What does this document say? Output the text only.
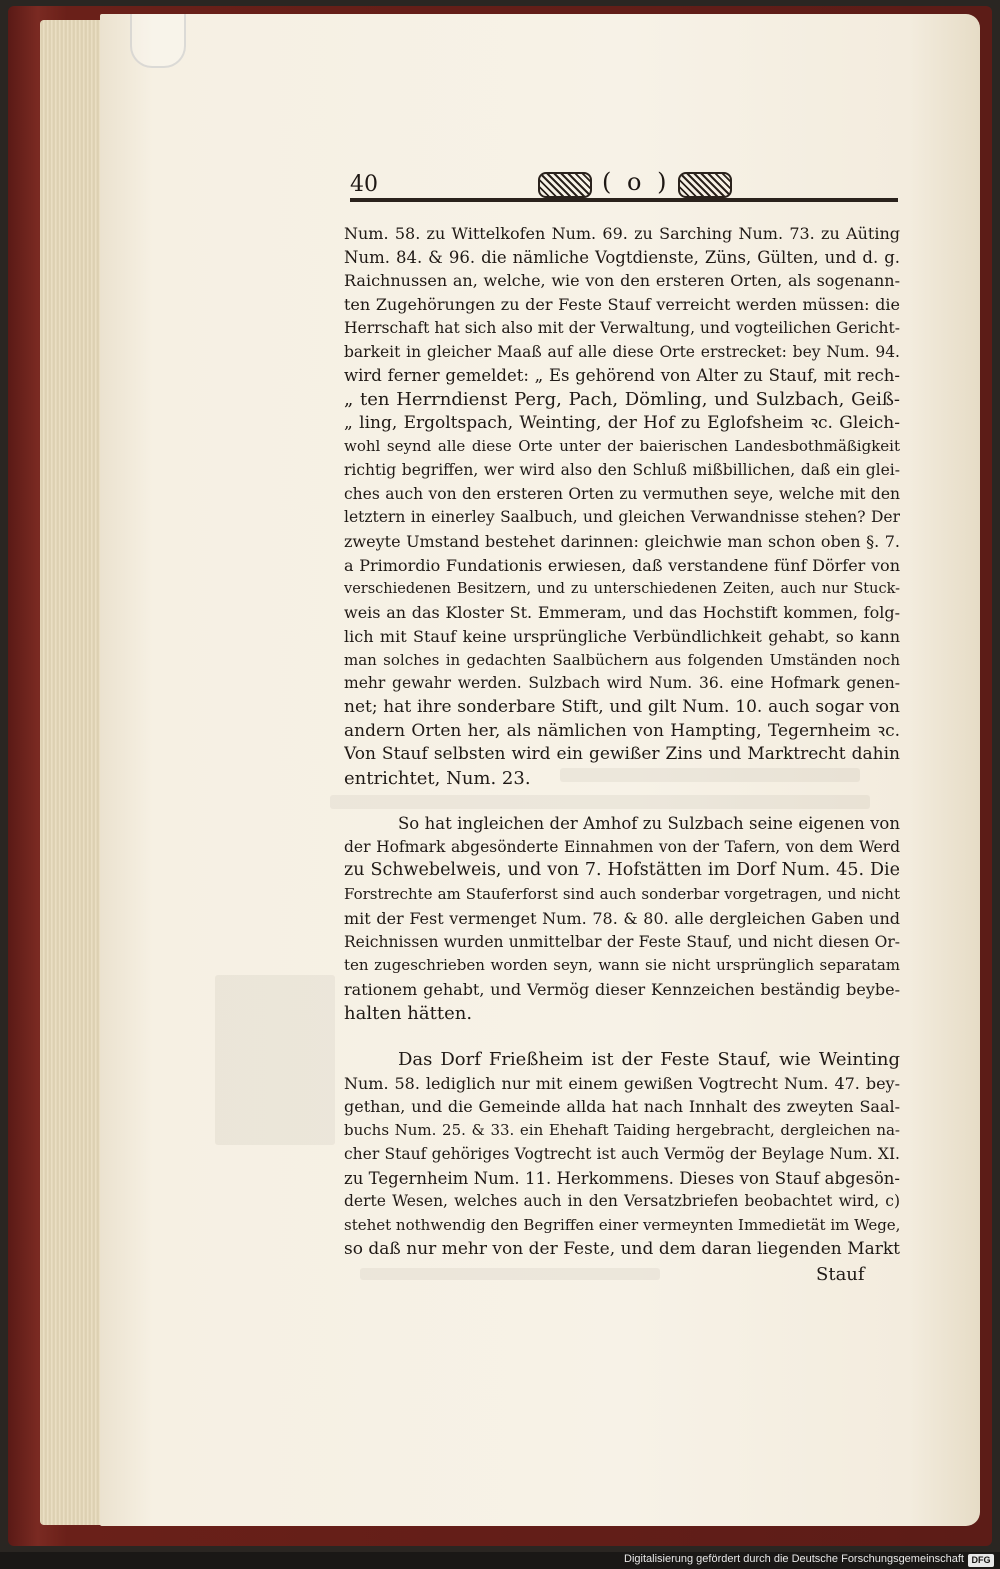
40	( o )
Num. 58. zu Wittelkofen Num. 69. zu Sarching Num. 73. zu Aüting
Num. 84. & 96. die nämliche Vogtdienste, Züns, Gülten, und d. g.
Raichnussen an, welche, wie von den ersteren Orten, als sogenann-
ten Zugehörungen zu der Feste Stauf verreicht werden müssen: die
Herrschaft hat sich also mit der Verwaltung, und vogteilichen Gericht-
barkeit in gleicher Maaß auf alle diese Orte erstrecket: bey Num. 94.
wird ferner gemeldet: „ Es gehörend von Alter zu Stauf, mit rech-
„ ten Herrndienst Perg, Pach, Dömling, und Sulzbach, Geiß-
„ ling, Ergoltspach, Weinting, der Hof zu Eglofsheim ꝛc. Gleich-
wohl seynd alle diese Orte unter der baierischen Landesbothmäßigkeit
richtig begriffen, wer wird also den Schluß mißbillichen, daß ein glei-
ches auch von den ersteren Orten zu vermuthen seye, welche mit den
letztern in einerley Saalbuch, und gleichen Verwandnisse stehen? Der
zweyte Umstand bestehet darinnen: gleichwie man schon oben §. 7.
a Primordio Fundationis erwiesen, daß verstandene fünf Dörfer von
verschiedenen Besitzern, und zu unterschiedenen Zeiten, auch nur Stuck-
weis an das Kloster St. Emmeram, und das Hochstift kommen, folg-
lich mit Stauf keine ursprüngliche Verbündlichkeit gehabt, so kann
man solches in gedachten Saalbüchern aus folgenden Umständen noch
mehr gewahr werden. Sulzbach wird Num. 36. eine Hofmark genen-
net; hat ihre sonderbare Stift, und gilt Num. 10. auch sogar von
andern Orten her, als nämlichen von Hampting, Tegernheim ꝛc.
Von Stauf selbsten wird ein gewißer Zins und Marktrecht dahin
entrichtet, Num. 23.
So hat ingleichen der Amhof zu Sulzbach seine eigenen von
der Hofmark abgesönderte Einnahmen von der Tafern, von dem Werd
zu Schwebelweis, und von 7. Hofstätten im Dorf Num. 45. Die
Forstrechte am Stauferforst sind auch sonderbar vorgetragen, und nicht
mit der Fest vermenget Num. 78. & 80. alle dergleichen Gaben und
Reichnissen wurden unmittelbar der Feste Stauf, und nicht diesen Or-
ten zugeschrieben worden seyn, wann sie nicht ursprünglich separatam
rationem gehabt, und Vermög dieser Kennzeichen beständig beybe-
halten hätten.
Das Dorf Frießheim ist der Feste Stauf, wie Weinting
Num. 58. lediglich nur mit einem gewißen Vogtrecht Num. 47. bey-
gethan, und die Gemeinde allda hat nach Innhalt des zweyten Saal-
buchs Num. 25. & 33. ein Ehehaft Taiding hergebracht, dergleichen na-
cher Stauf gehöriges Vogtrecht ist auch Vermög der Beylage Num. XI.
zu Tegernheim Num. 11. Herkommens. Dieses von Stauf abgesön-
derte Wesen, welches auch in den Versatzbriefen beobachtet wird, c)
stehet nothwendig den Begriffen einer vermeynten Immedietät im Wege,
so daß nur mehr von der Feste, und dem daran liegenden Markt
Stauf
Digitalisierung gefördert durch die Deutsche Forschungsgemeinschaft DFG
